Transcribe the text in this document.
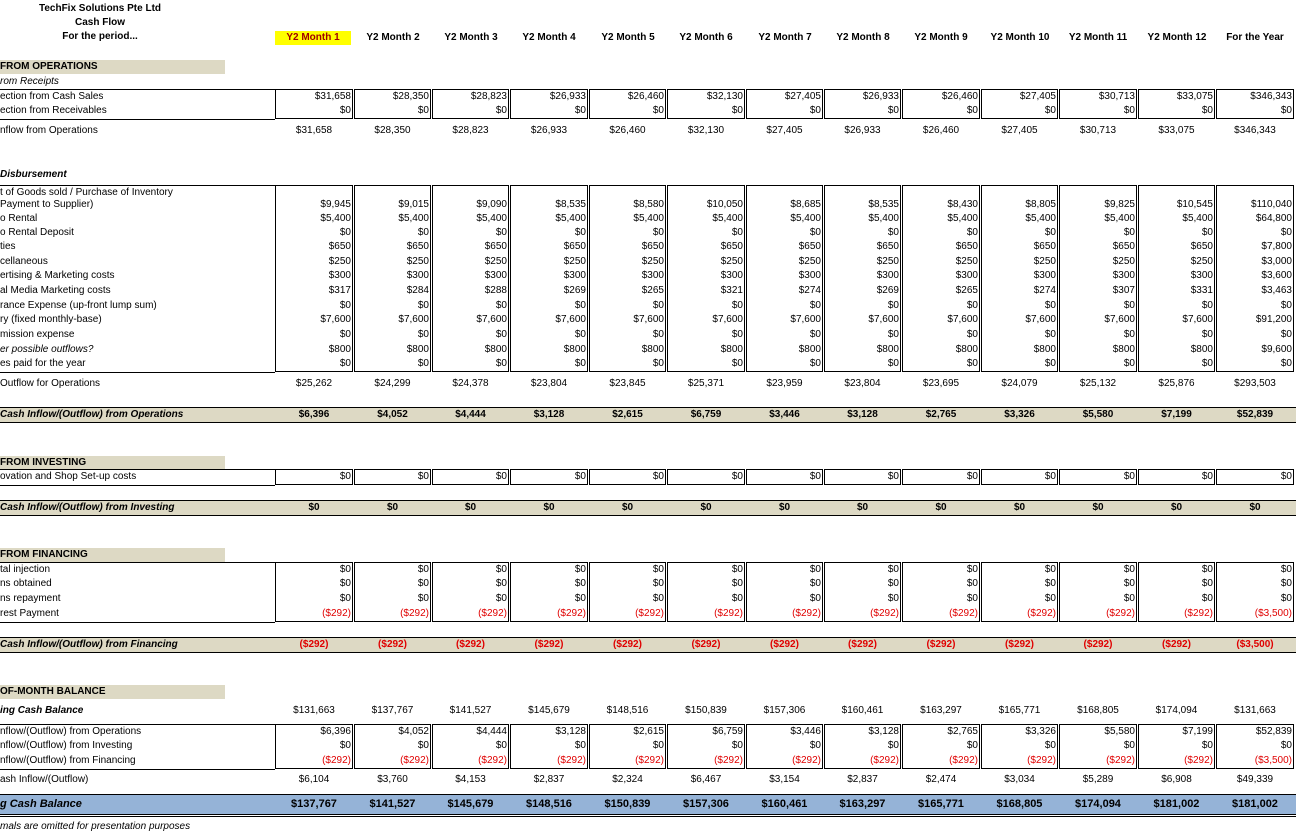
TechFix Solutions Pte Ltd
Cash Flow
For the period...	Y2 Month 1	Y2 Month 2	Y2 Month 3	Y2 Month 4	Y2 Month 5	Y2 Month 6	Y2 Month 7	Y2 Month 8	Y2 Month 9	Y2 Month 10	Y2 Month 11	Y2 Month 12	For the Year
FROM OPERATIONS
rom Receipts
ection from Cash Sales	$31,658	$28,350	$28,823	$26,933	$26,460	$32,130	$27,405	$26,933	$26,460	$27,405	$30,713	$33,075	$346,343
ection from Receivables	$0	$0	$0	$0	$0	$0	$0	$0	$0	$0	$0	$0	$0
nflow from Operations	$31,658	$28,350	$28,823	$26,933	$26,460	$32,130	$27,405	$26,933	$26,460	$27,405	$30,713	$33,075	$346,343
Disbursement
t of Goods sold / Purchase of Inventory
Payment to Supplier)	$9,945	$9,015	$9,090	$8,535	$8,580	$10,050	$8,685	$8,535	$8,430	$8,805	$9,825	$10,545	$110,040
o Rental	$5,400	$5,400	$5,400	$5,400	$5,400	$5,400	$5,400	$5,400	$5,400	$5,400	$5,400	$5,400	$64,800
o Rental Deposit	$0	$0	$0	$0	$0	$0	$0	$0	$0	$0	$0	$0	$0
ties	$650	$650	$650	$650	$650	$650	$650	$650	$650	$650	$650	$650	$7,800
cellaneous	$250	$250	$250	$250	$250	$250	$250	$250	$250	$250	$250	$250	$3,000
ertising & Marketing costs	$300	$300	$300	$300	$300	$300	$300	$300	$300	$300	$300	$300	$3,600
al Media Marketing costs	$317	$284	$288	$269	$265	$321	$274	$269	$265	$274	$307	$331	$3,463
rance Expense (up-front lump sum)	$0	$0	$0	$0	$0	$0	$0	$0	$0	$0	$0	$0	$0
ry (fixed monthly-base)	$7,600	$7,600	$7,600	$7,600	$7,600	$7,600	$7,600	$7,600	$7,600	$7,600	$7,600	$7,600	$91,200
mission expense	$0	$0	$0	$0	$0	$0	$0	$0	$0	$0	$0	$0	$0
er possible outflows?	$800	$800	$800	$800	$800	$800	$800	$800	$800	$800	$800	$800	$9,600
es paid for the year	$0	$0	$0	$0	$0	$0	$0	$0	$0	$0	$0	$0	$0
Outflow for Operations	$25,262	$24,299	$24,378	$23,804	$23,845	$25,371	$23,959	$23,804	$23,695	$24,079	$25,132	$25,876	$293,503
Cash Inflow/(Outflow) from Operations	$6,396	$4,052	$4,444	$3,128	$2,615	$6,759	$3,446	$3,128	$2,765	$3,326	$5,580	$7,199	$52,839
FROM INVESTING
ovation and Shop Set-up costs	$0	$0	$0	$0	$0	$0	$0	$0	$0	$0	$0	$0	$0
Cash Inflow/(Outflow) from Investing	$0	$0	$0	$0	$0	$0	$0	$0	$0	$0	$0	$0	$0
FROM FINANCING
tal injection	$0	$0	$0	$0	$0	$0	$0	$0	$0	$0	$0	$0	$0
ns obtained	$0	$0	$0	$0	$0	$0	$0	$0	$0	$0	$0	$0	$0
ns repayment	$0	$0	$0	$0	$0	$0	$0	$0	$0	$0	$0	$0	$0
rest Payment	($292)	($292)	($292)	($292)	($292)	($292)	($292)	($292)	($292)	($292)	($292)	($292)	($3,500)
Cash Inflow/(Outflow) from Financing	($292)	($292)	($292)	($292)	($292)	($292)	($292)	($292)	($292)	($292)	($292)	($292)	($3,500)
OF-MONTH BALANCE
ing Cash Balance	$131,663	$137,767	$141,527	$145,679	$148,516	$150,839	$157,306	$160,461	$163,297	$165,771	$168,805	$174,094	$131,663
nflow/(Outflow) from Operations	$6,396	$4,052	$4,444	$3,128	$2,615	$6,759	$3,446	$3,128	$2,765	$3,326	$5,580	$7,199	$52,839
nflow/(Outflow) from Investing	$0	$0	$0	$0	$0	$0	$0	$0	$0	$0	$0	$0	$0
nflow/(Outflow) from Financing	($292)	($292)	($292)	($292)	($292)	($292)	($292)	($292)	($292)	($292)	($292)	($292)	($3,500)
ash Inflow/(Outflow)	$6,104	$3,760	$4,153	$2,837	$2,324	$6,467	$3,154	$2,837	$2,474	$3,034	$5,289	$6,908	$49,339
g Cash Balance	$137,767	$141,527	$145,679	$148,516	$150,839	$157,306	$160,461	$163,297	$165,771	$168,805	$174,094	$181,002	$181,002
mals are omitted for presentation purposes
